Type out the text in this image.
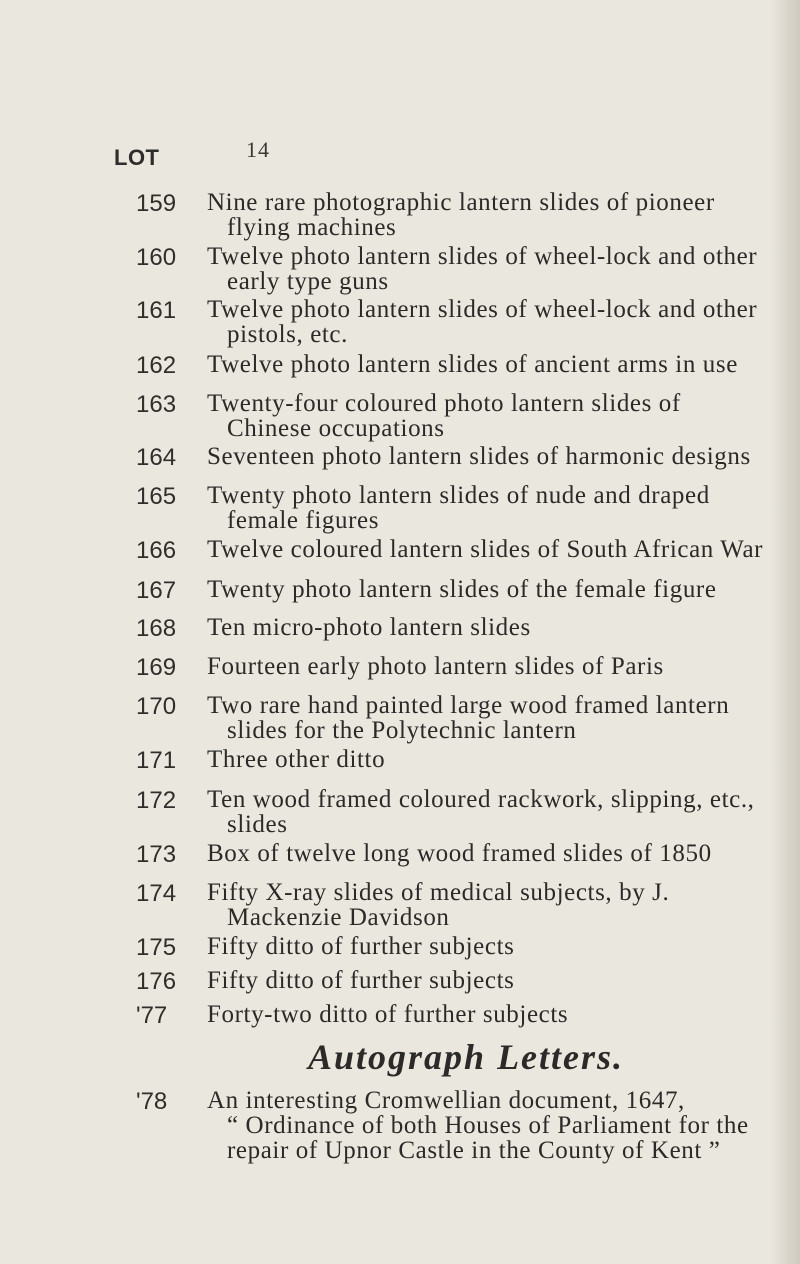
14
LOT
159 Nine rare photographic lantern slides of pioneer
flying machines
160 Twelve photo lantern slides of wheel-lock and other
early type guns
161 Twelve photo lantern slides of wheel-lock and other
pistols, etc.
162 Twelve photo lantern slides of ancient arms in use
163 Twenty-four coloured photo lantern slides of
Chinese occupations
164 Seventeen photo lantern slides of harmonic designs
165 Twenty photo lantern slides of nude and draped
female figures
166 Twelve coloured lantern slides of South African War
167 Twenty photo lantern slides of the female figure
168 Ten micro-photo lantern slides
169 Fourteen early photo lantern slides of Paris
170 Two rare hand painted large wood framed lantern
slides for the Polytechnic lantern
171 Three other ditto
172 Ten wood framed coloured rackwork, slipping, etc.,
slides
173 Box of twelve long wood framed slides of 1850
174 Fifty X-ray slides of medical subjects, by J.
Mackenzie Davidson
175 Fifty ditto of further subjects
176 Fifty ditto of further subjects
'77 Forty-two ditto of further subjects
Autograph Letters.
'78 An interesting Cromwellian document, 1647,
“ Ordinance of both Houses of Parliament for the
repair of Upnor Castle in the County of Kent ”
